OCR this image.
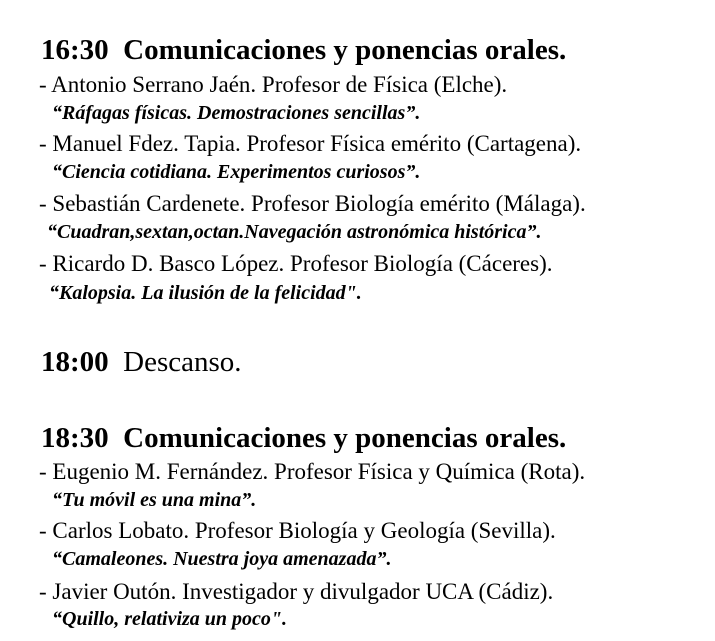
16:30 Comunicaciones y ponencias orales.
- Antonio Serrano Jaén. Profesor de Física (Elche).
“Ráfagas físicas. Demostraciones sencillas”.
- Manuel Fdez. Tapia. Profesor Física emérito (Cartagena).
“Ciencia cotidiana. Experimentos curiosos”.
- Sebastián Cardenete. Profesor Biología emérito (Málaga).
“Cuadran,sextan,octan.Navegación astronómica histórica”.
- Ricardo D. Basco López. Profesor Biología (Cáceres).
“Kalopsia. La ilusión de la felicidad".
18:00 Descanso.
18:30 Comunicaciones y ponencias orales.
- Eugenio M. Fernández. Profesor Física y Química (Rota).
“Tu móvil es una mina”.
- Carlos Lobato. Profesor Biología y Geología (Sevilla).
“Camaleones. Nuestra joya amenazada”.
- Javier Outón. Investigador y divulgador UCA (Cádiz).
“Quillo, relativiza un poco".
